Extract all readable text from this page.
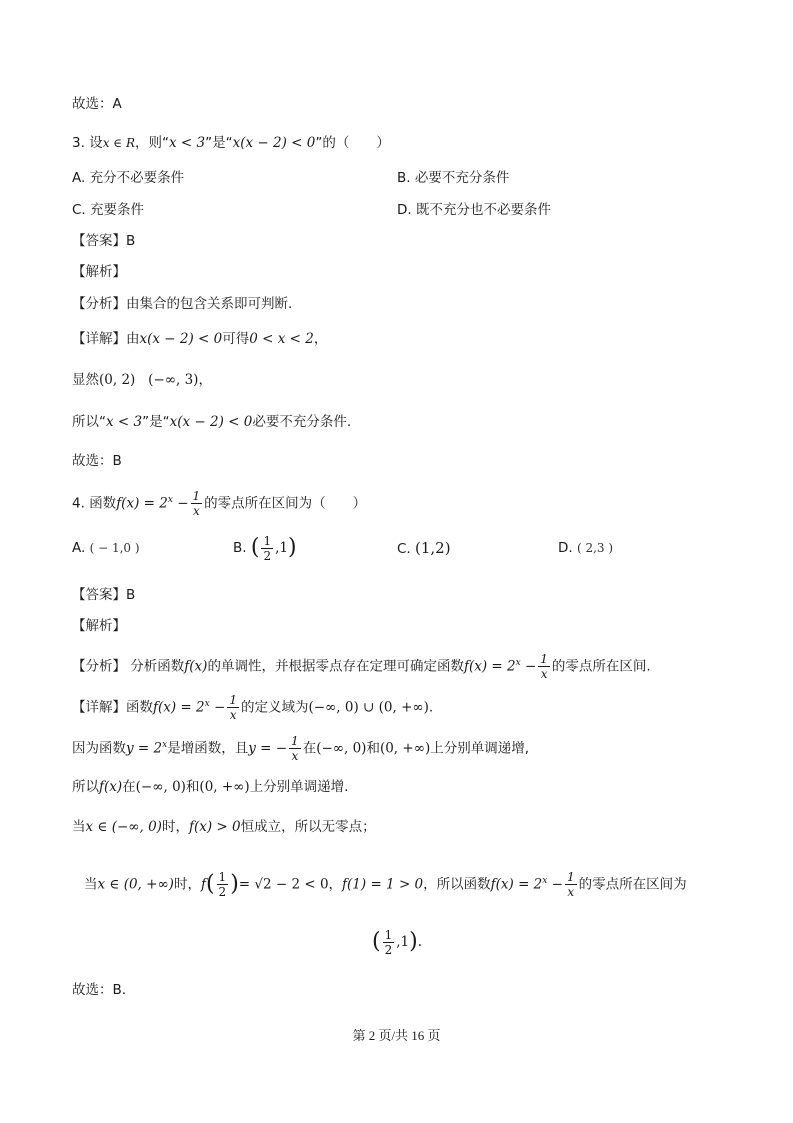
故选：A
3. 设x ∈ R，则“x < 3”是“x(x − 2) < 0”的（　　）
A. 充分不必要条件	B. 必要不充分条件
C. 充要条件	D. 既不充分也不必要条件
【答案】B
【解析】
【分析】由集合的包含关系即可判断.
【详解】由x(x − 2) < 0可得0 < x < 2，
显然(0, 2) (−∞, 3)，
所以“x < 3”是“x(x − 2) < 0必要不充分条件.
故选：B
4. 函数$f(x) = 2^x - \frac{1}{x}$ 的零点所在区间为（　　）
A. ( − 1,0 )	B. ( $\frac{1}{2} ,1$)	C. (1,2)	D. ( 2,3 )
【答案】B
【解析】
【分析】 分析函数f(x)的单调性，并根据零点存在定理可确定函数$f(x) = 2^x - \frac{1}{x}$ 的零点所在区间.
【详解】函数$f(x) = 2^x - \frac{1}{x}$ 的定义域为(−∞, 0) ∪ (0, +∞).
因为函数$y = 2^x$是增函数，且y = − $\frac{1}{x}$ 在(−∞, 0)和(0, +∞)上分别单调递增,
所以f(x)在(−∞, 0)和(0, +∞)上分别单调递增.
当x ∈ (−∞, 0)时，f(x) > 0恒成立，所以无零点；
当x ∈ (0, +∞)时，$f( \frac{1}{2}$ )= √2 − 2 < 0，f(1) = 1 > 0，所以函数$f(x) = 2^x - \frac{1}{x}$ 的零点所在区间为
( $\frac{1}{2} ,1$).
故选：B.
第 2 页/共 16 页
